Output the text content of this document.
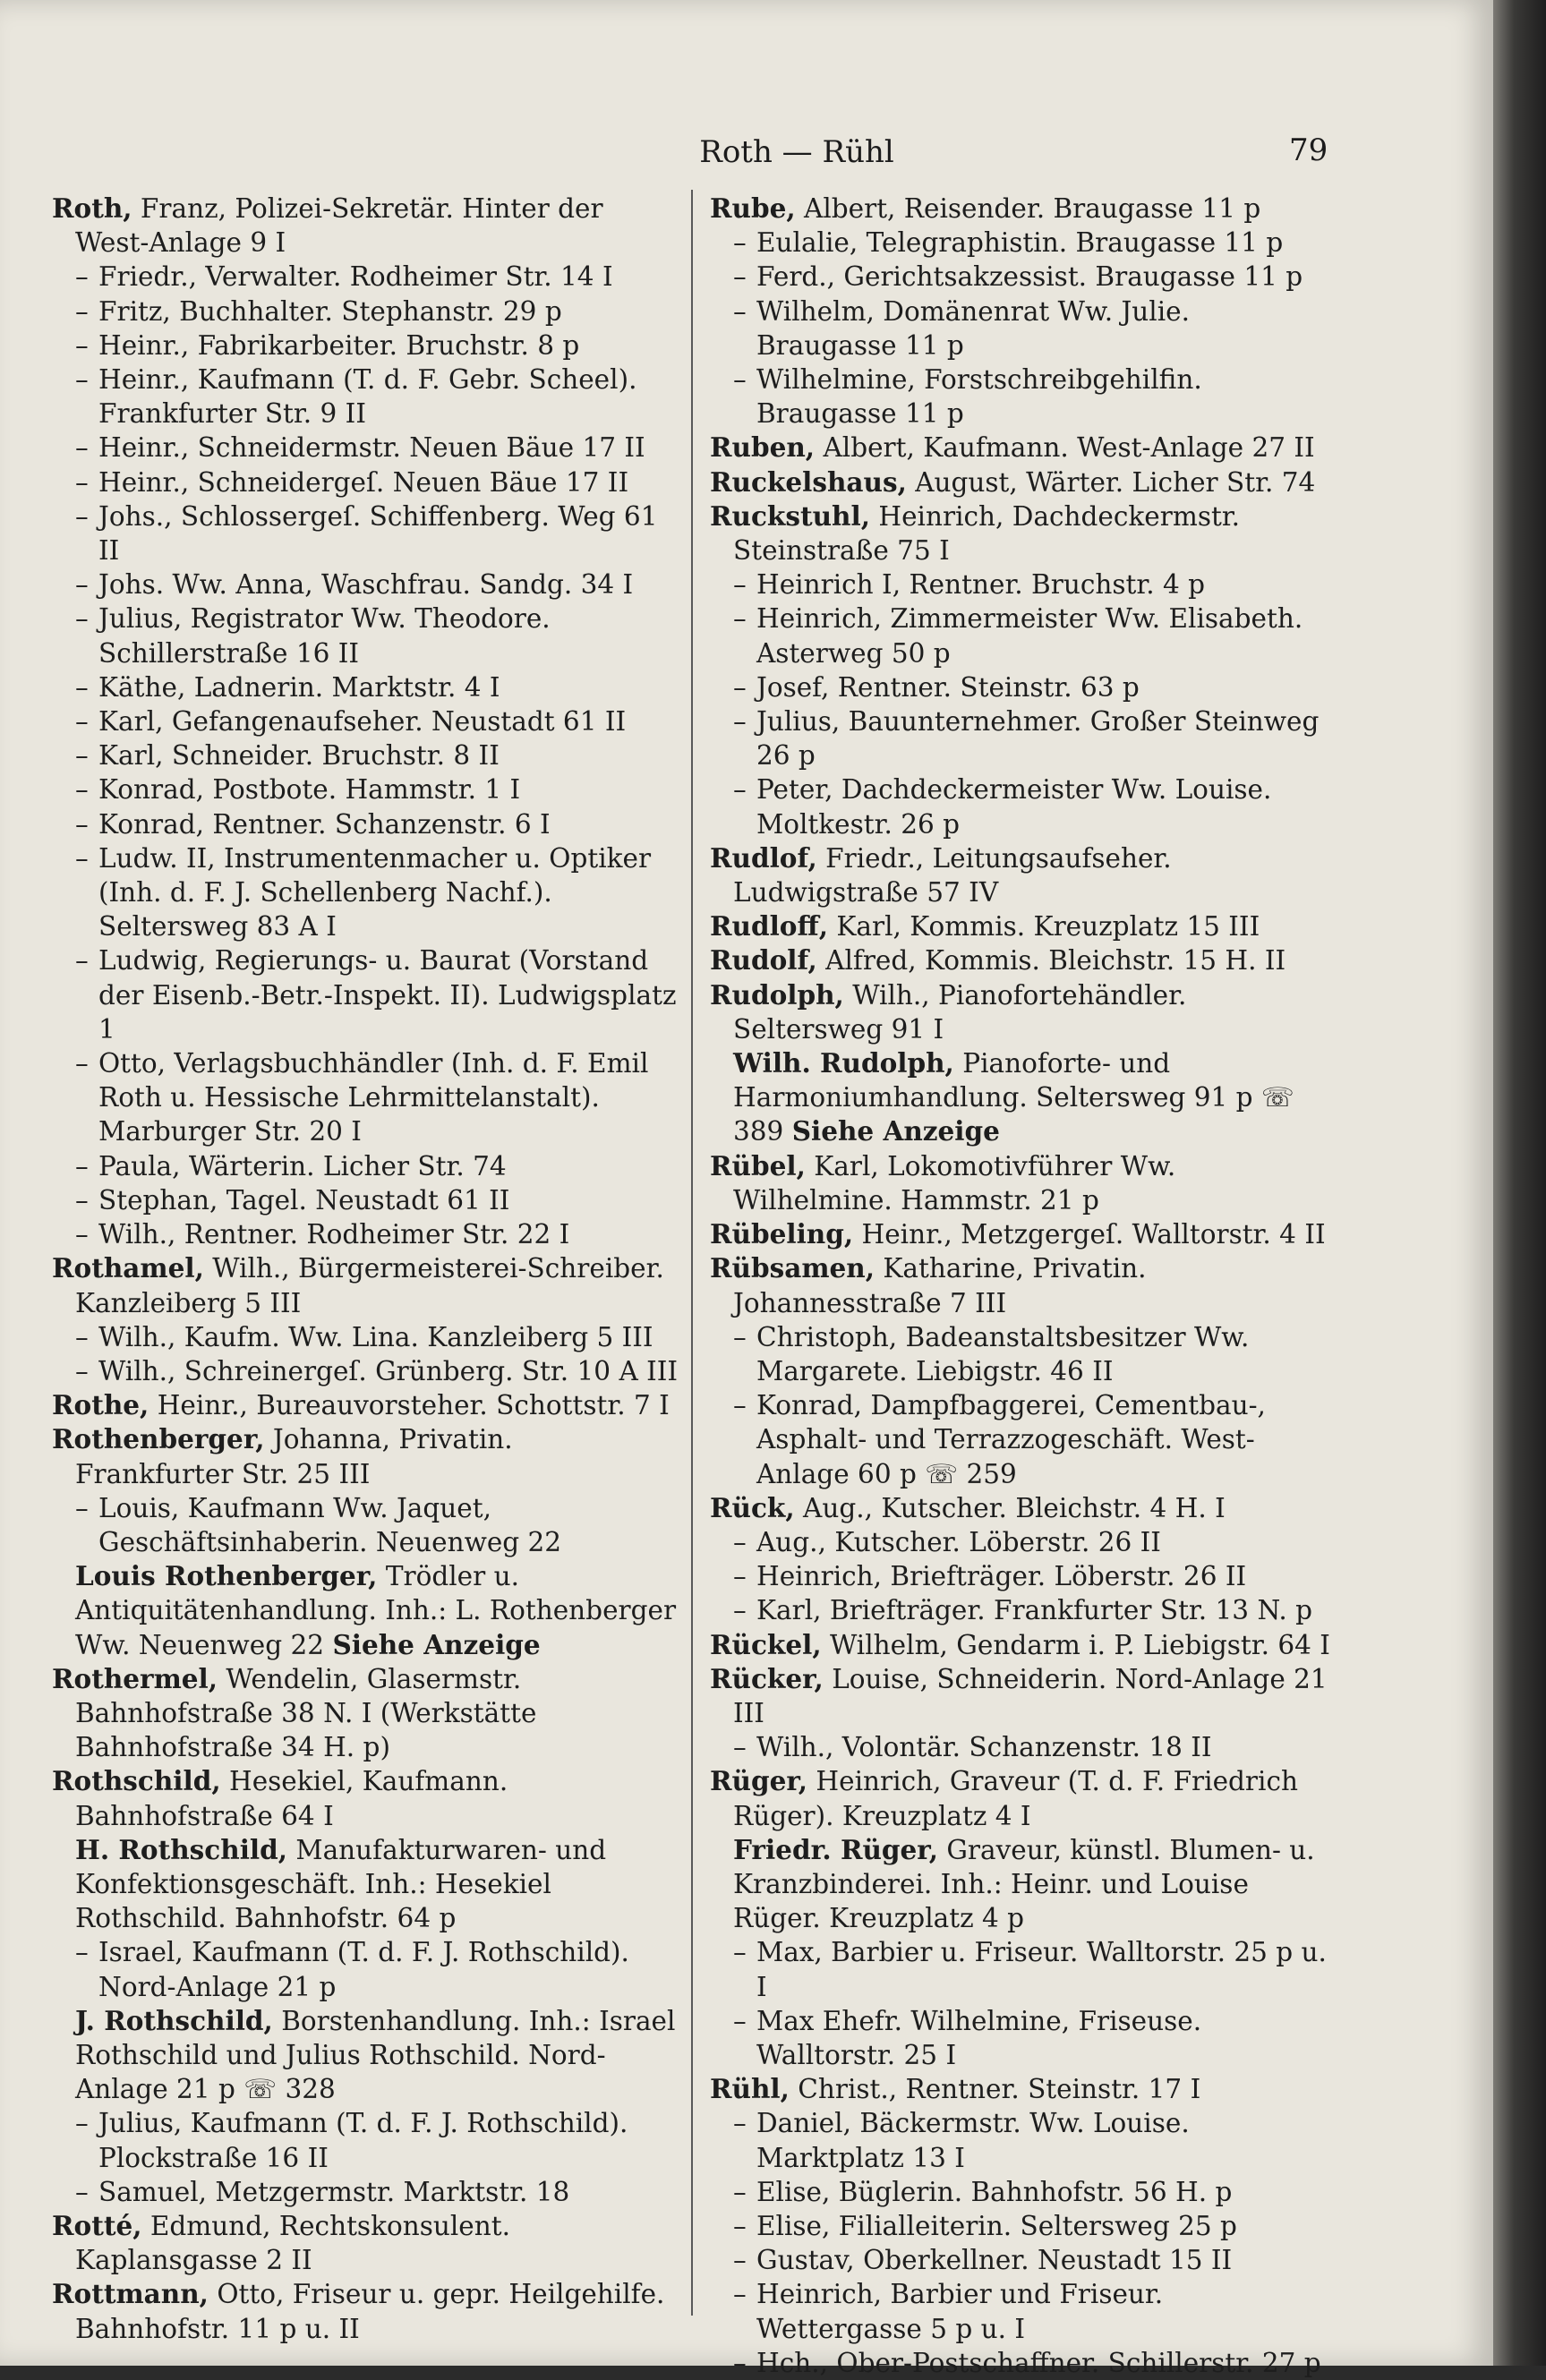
Roth — Rühl	79

Roth, Franz, Polizei-Sekretär. Hinter der West-Anlage 9 I

– Friedr., Verwalter. Rodheimer Str. 14 I

– Fritz, Buchhalter. Stephanstr. 29 p

– Heinr., Fabrikarbeiter. Bruchstr. 8 p

– Heinr., Kaufmann (T. d. F. Gebr. Scheel). Frankfurter Str. 9 II

– Heinr., Schneidermstr. Neuen Bäue 17 II

– Heinr., Schneidergeſ. Neuen Bäue 17 II

– Johs., Schlossergeſ. Schiffenberg. Weg 61 II

– Johs. Ww. Anna, Waschfrau. Sandg. 34 I

– Julius, Registrator Ww. Theodore. Schillerstraße 16 II

– Käthe, Ladnerin. Marktstr. 4 I

– Karl, Gefangenaufseher. Neustadt 61 II

– Karl, Schneider. Bruchstr. 8 II

– Konrad, Postbote. Hammstr. 1 I

– Konrad, Rentner. Schanzenstr. 6 I

– Ludw. II, Instrumentenmacher u. Optiker (Inh. d. F. J. Schellenberg Nachf.). Seltersweg 83 A I

– Ludwig, Regierungs- u. Baurat (Vorstand der Eisenb.-Betr.-Inspekt. II). Ludwigsplatz 1

– Otto, Verlagsbuchhändler (Inh. d. F. Emil Roth u. Hessische Lehrmittelanstalt). Marburger Str. 20 I

– Paula, Wärterin. Licher Str. 74

– Stephan, Tagel. Neustadt 61 II

– Wilh., Rentner. Rodheimer Str. 22 I

Rothamel, Wilh., Bürgermeisterei-Schreiber. Kanzleiberg 5 III

– Wilh., Kaufm. Ww. Lina. Kanzleiberg 5 III

– Wilh., Schreinergeſ. Grünberg. Str. 10 A III

Rothe, Heinr., Bureauvorsteher. Schottstr. 7 I

Rothenberger, Johanna, Privatin. Frankfurter Str. 25 III

– Louis, Kaufmann Ww. Jaquet, Geschäftsinhaberin. Neuenweg 22

Louis Rothenberger, Trödler u. Antiquitätenhandlung. Inh.: L. Rothenberger Ww. Neuenweg 22 Siehe Anzeige

Rothermel, Wendelin, Glasermstr. Bahnhofstraße 38 N. I (Werkstätte Bahnhofstraße 34 H. p)

Rothschild, Hesekiel, Kaufmann. Bahnhofstraße 64 I

H. Rothschild, Manufakturwaren- und Konfektionsgeschäft. Inh.: Hesekiel Rothschild. Bahnhofstr. 64 p

– Israel, Kaufmann (T. d. F. J. Rothschild). Nord-Anlage 21 p

J. Rothschild, Borstenhandlung. Inh.: Israel Rothschild und Julius Rothschild. Nord-Anlage 21 p ☏ 328

– Julius, Kaufmann (T. d. F. J. Rothschild). Plockstraße 16 II

– Samuel, Metzgermstr. Marktstr. 18

Rotté, Edmund, Rechtskonsulent. Kaplansgasse 2 II

Rottmann, Otto, Friseur u. gepr. Heilgehilfe. Bahnhofstr. 11 p u. II

Rube, Albert, Reisender. Braugasse 11 p

– Eulalie, Telegraphistin. Braugasse 11 p

– Ferd., Gerichtsakzessist. Braugasse 11 p

– Wilhelm, Domänenrat Ww. Julie. Braugasse 11 p

– Wilhelmine, Forstschreibgehilfin. Braugasse 11 p

Ruben, Albert, Kaufmann. West-Anlage 27 II

Ruckelshaus, August, Wärter. Licher Str. 74

Ruckstuhl, Heinrich, Dachdeckermstr. Steinstraße 75 I

– Heinrich I, Rentner. Bruchstr. 4 p

– Heinrich, Zimmermeister Ww. Elisabeth. Asterweg 50 p

– Josef, Rentner. Steinstr. 63 p

– Julius, Bauunternehmer. Großer Steinweg 26 p

– Peter, Dachdeckermeister Ww. Louise. Moltkestr. 26 p

Rudlof, Friedr., Leitungsaufseher. Ludwigstraße 57 IV

Rudloff, Karl, Kommis. Kreuzplatz 15 III

Rudolf, Alfred, Kommis. Bleichstr. 15 H. II

Rudolph, Wilh., Pianofortehändler. Seltersweg 91 I

Wilh. Rudolph, Pianoforte- und Harmoniumhandlung. Seltersweg 91 p ☏ 389 Siehe Anzeige

Rübel, Karl, Lokomotivführer Ww. Wilhelmine. Hammstr. 21 p

Rübeling, Heinr., Metzgergeſ. Walltorstr. 4 II

Rübsamen, Katharine, Privatin. Johannesstraße 7 III

– Christoph, Badeanstaltsbesitzer Ww. Margarete. Liebigstr. 46 II

– Konrad, Dampfbaggerei, Cementbau-, Asphalt- und Terrazzogeschäft. West-Anlage 60 p ☏ 259

Rück, Aug., Kutscher. Bleichstr. 4 H. I

– Aug., Kutscher. Löberstr. 26 II

– Heinrich, Briefträger. Löberstr. 26 II

– Karl, Briefträger. Frankfurter Str. 13 N. p

Rückel, Wilhelm, Gendarm i. P. Liebigstr. 64 I

Rücker, Louise, Schneiderin. Nord-Anlage 21 III

– Wilh., Volontär. Schanzenstr. 18 II

Rüger, Heinrich, Graveur (T. d. F. Friedrich Rüger). Kreuzplatz 4 I

Friedr. Rüger, Graveur, künstl. Blumen- u. Kranzbinderei. Inh.: Heinr. und Louise Rüger. Kreuzplatz 4 p

– Max, Barbier u. Friseur. Walltorstr. 25 p u. I

– Max Ehefr. Wilhelmine, Friseuse. Walltorstr. 25 I

Rühl, Christ., Rentner. Steinstr. 17 I

– Daniel, Bäckermstr. Ww. Louise. Marktplatz 13 I

– Elise, Büglerin. Bahnhofstr. 56 H. p

– Elise, Filialleiterin. Seltersweg 25 p

– Gustav, Oberkellner. Neustadt 15 II

– Heinrich, Barbier und Friseur. Wettergasse 5 p u. I

– Hch., Ober-Postschaffner. Schillerstr. 27 p
